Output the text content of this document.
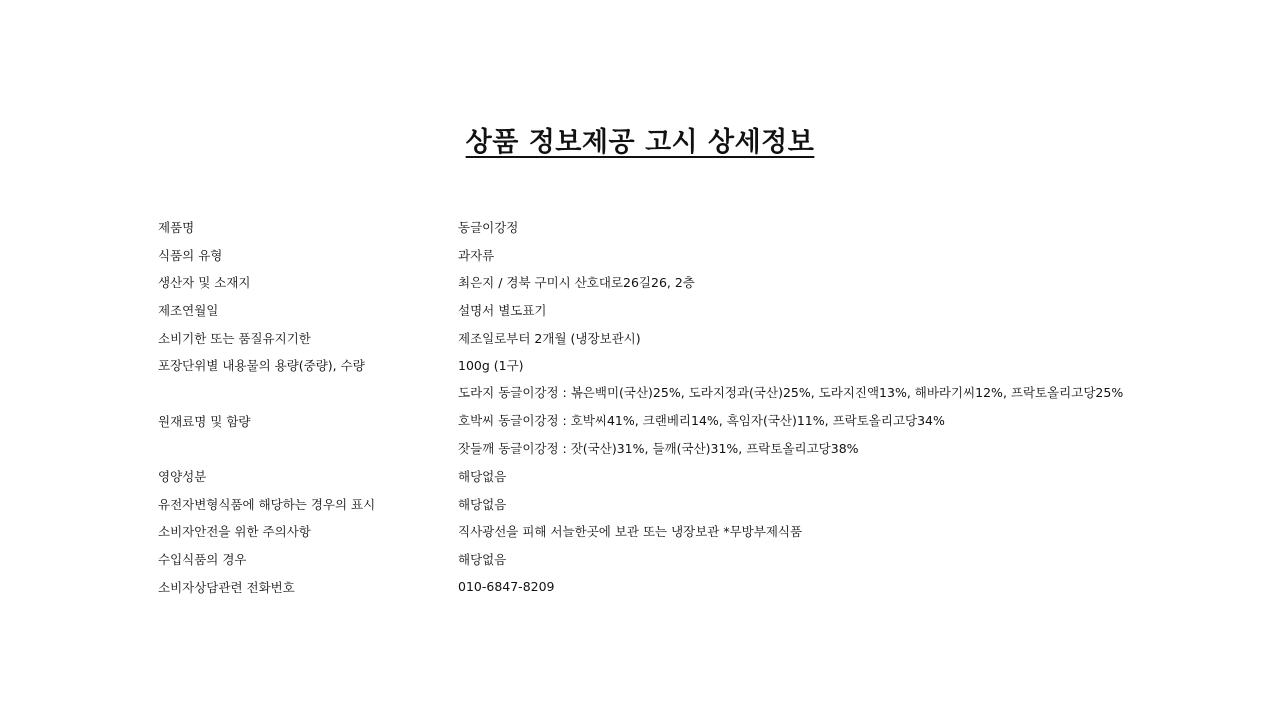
상품 정보제공 고시 상세정보
제품명	동글이강정
식품의 유형	과자류
생산자 및 소재지	최은지 / 경북 구미시 산호대로26길26, 2층
제조연월일	설명서 별도표기
소비기한 또는 품질유지기한	제조일로부터 2개월 (냉장보관시)
포장단위별 내용물의 용량(중량), 수량	100g (1구)
원재료명 및 함량	도라지 동글이강정 : 볶은백미(국산)25%, 도라지정과(국산)25%, 도라지진액13%, 해바라기씨12%, 프락토올리고당25%
호박씨 동글이강정 : 호박씨41%, 크랜베리14%, 흑임자(국산)11%, 프락토올리고당34%
잣들깨 동글이강정 : 잣(국산)31%, 들깨(국산)31%, 프락토올리고당38%

영양성분	해당없음
유전자변형식품에 해당하는 경우의 표시	해당없음
소비자안전을 위한 주의사항	직사광선을 피해 서늘한곳에 보관 또는 냉장보관 *무방부제식품
수입식품의 경우	해당없음
소비자상담관련 전화번호	010-6847-8209
